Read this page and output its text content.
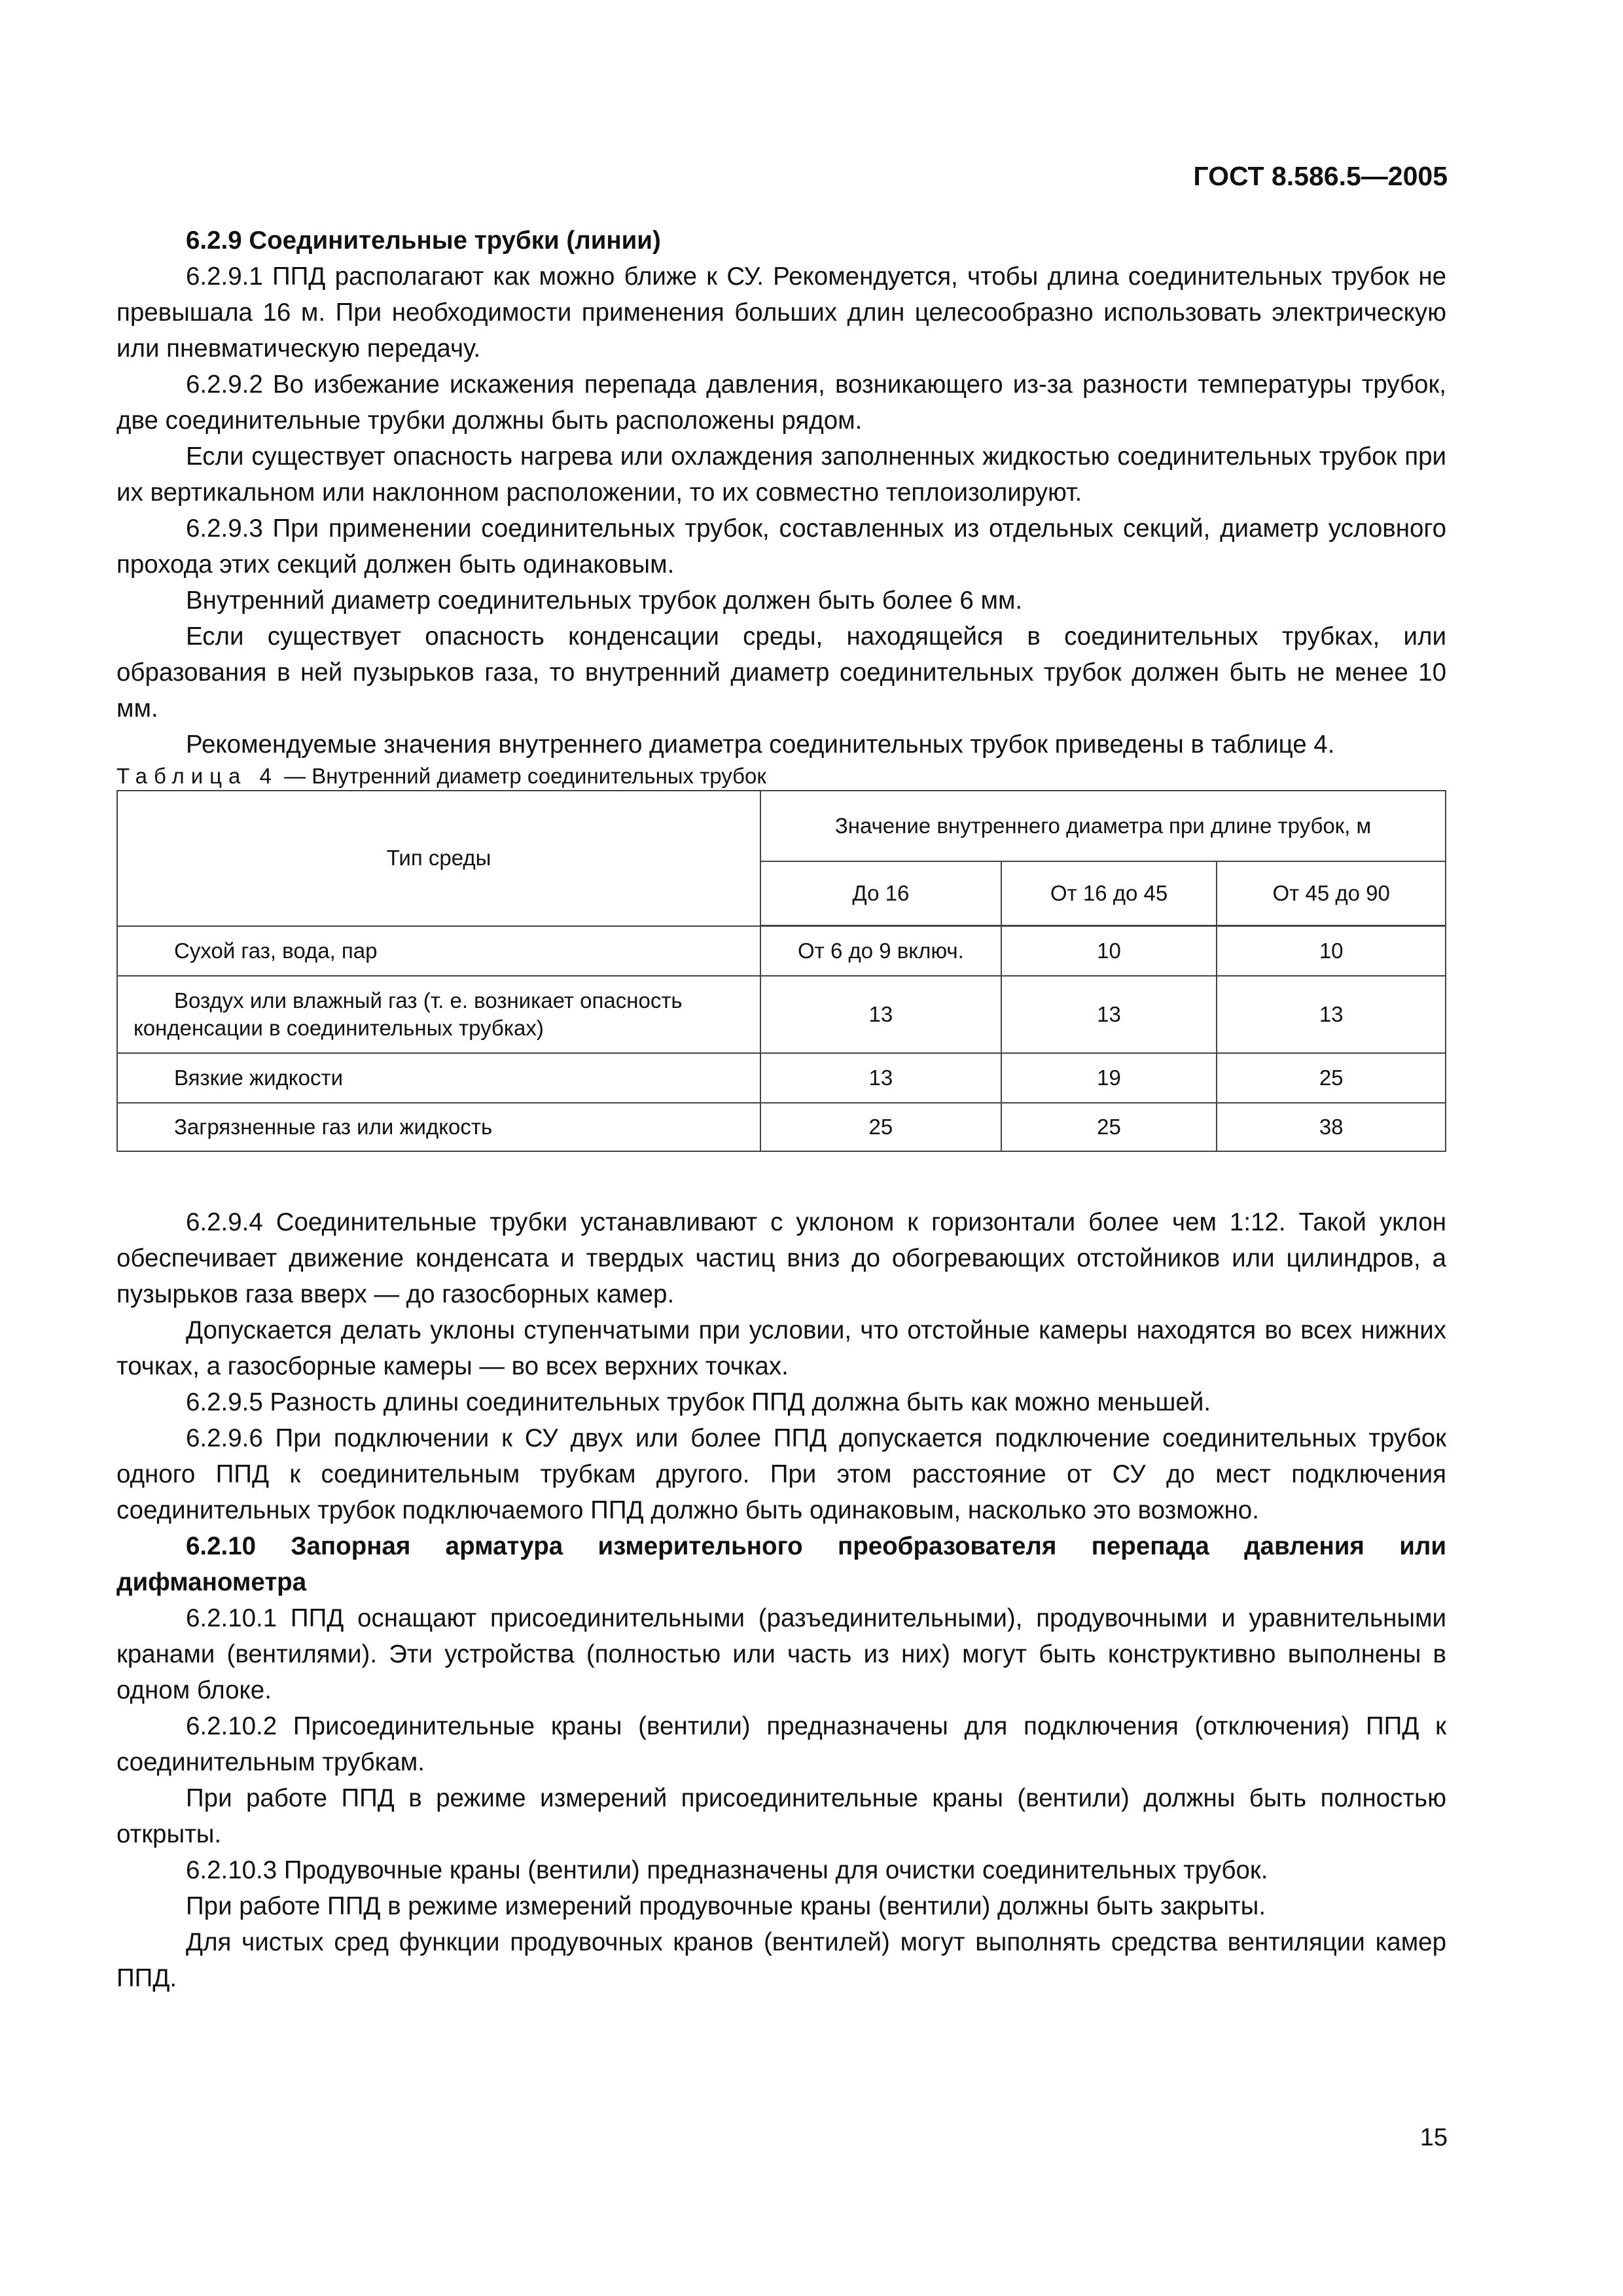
ГОСТ 8.586.5—2005

6.2.9 Соединительные трубки (линии)

6.2.9.1 ППД располагают как можно ближе к СУ. Рекомендуется, чтобы длина соединительных трубок не превышала 16 м. При необходимости применения больших длин целесообразно использовать электрическую или пневматическую передачу.

6.2.9.2 Во избежание искажения перепада давления, возникающего из-за разности температуры трубок, две соединительные трубки должны быть расположены рядом.

Если существует опасность нагрева или охлаждения заполненных жидкостью соединительных трубок при их вертикальном или наклонном расположении, то их совместно теплоизолируют.

6.2.9.3 При применении соединительных трубок, составленных из отдельных секций, диаметр условного прохода этих секций должен быть одинаковым.

Внутренний диаметр соединительных трубок должен быть более 6 мм.

Если существует опасность конденсации среды, находящейся в соединительных трубках, или образования в ней пузырьков газа, то внутренний диаметр соединительных трубок должен быть не менее 10 мм.

Рекомендуемые значения внутреннего диаметра соединительных трубок приведены в таблице 4.

Таблица 4 — Внутренний диаметр соединительных трубок

Тип среды	Значение внутреннего диаметра при длине трубок, м		
	До 16	От 16 до 45	От 45 до 90
Сухой газ, вода, пар	От 6 до 9 включ.	10	10
Воздух или влажный газ (т. е. возникает опасность конденсации в соединительных трубках)	13	13	13
Вязкие жидкости	13	19	25
Загрязненные газ или жидкость	25	25	38

6.2.9.4 Соединительные трубки устанавливают с уклоном к горизонтали более чем 1:12. Такой уклон обеспечивает движение конденсата и твердых частиц вниз до обогревающих отстойников или цилиндров, а пузырьков газа вверх — до газосборных камер.

Допускается делать уклоны ступенчатыми при условии, что отстойные камеры находятся во всех нижних точках, а газосборные камеры — во всех верхних точках.

6.2.9.5 Разность длины соединительных трубок ППД должна быть как можно меньшей.

6.2.9.6 При подключении к СУ двух или более ППД допускается подключение соединительных трубок одного ППД к соединительным трубкам другого. При этом расстояние от СУ до мест подключения соединительных трубок подключаемого ППД должно быть одинаковым, насколько это возможно.

6.2.10 Запорная арматура измерительного преобразователя перепада давления или дифманометра

6.2.10.1 ППД оснащают присоединительными (разъединительными), продувочными и уравнительными кранами (вентилями). Эти устройства (полностью или часть из них) могут быть конструктивно выполнены в одном блоке.

6.2.10.2 Присоединительные краны (вентили) предназначены для подключения (отключения) ППД к соединительным трубкам.

При работе ППД в режиме измерений присоединительные краны (вентили) должны быть полностью открыты.

6.2.10.3 Продувочные краны (вентили) предназначены для очистки соединительных трубок.

При работе ППД в режиме измерений продувочные краны (вентили) должны быть закрыты.

Для чистых сред функции продувочных кранов (вентилей) могут выполнять средства вентиляции камер ППД.

15
